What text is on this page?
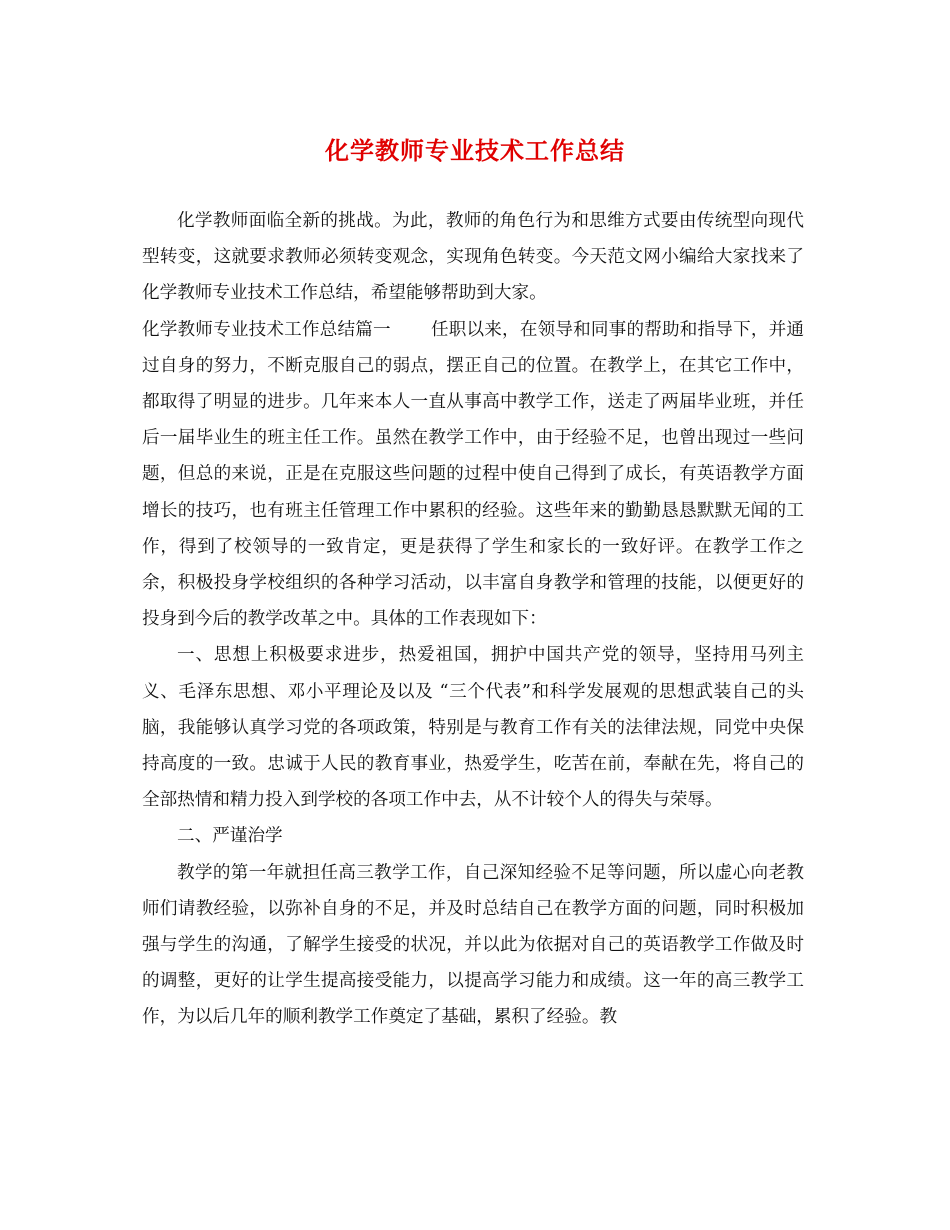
化学教师专业技术工作总结

化学教师面临全新的挑战。为此，教师的角色行为和思维方式要由传统型向现代型转变，这就要求教师必须转变观念，实现角色转变。今天范文网小编给大家找来了化学教师专业技术工作总结，希望能够帮助到大家。

化学教师专业技术工作总结篇一 任职以来，在领导和同事的帮助和指导下，并通过自身的努力，不断克服自己的弱点，摆正自己的位置。在教学上，在其它工作中，都取得了明显的进步。几年来本人一直从事高中教学工作，送走了两届毕业班，并任后一届毕业生的班主任工作。虽然在教学工作中，由于经验不足，也曾出现过一些问题，但总的来说，正是在克服这些问题的过程中使自己得到了成长，有英语教学方面增长的技巧，也有班主任管理工作中累积的经验。这些年来的勤勤恳恳默默无闻的工作，得到了校领导的一致肯定，更是获得了学生和家长的一致好评。在教学工作之余，积极投身学校组织的各种学习活动，以丰富自身教学和管理的技能，以便更好的投身到今后的教学改革之中。具体的工作表现如下：

一、思想上积极要求进步，热爱祖国，拥护中国共产党的领导，坚持用马列主义、毛泽东思想、邓小平理论及以及 “三个代表”和科学发展观的思想武装自己的头脑，我能够认真学习党的各项政策，特别是与教育工作有关的法律法规，同党中央保持高度的一致。忠诚于人民的教育事业，热爱学生，吃苦在前，奉献在先，将自己的全部热情和精力投入到学校的各项工作中去，从不计较个人的得失与荣辱。

二、严谨治学

教学的第一年就担任高三教学工作，自己深知经验不足等问题，所以虚心向老教师们请教经验，以弥补自身的不足，并及时总结自己在教学方面的问题，同时积极加强与学生的沟通，了解学生接受的状况，并以此为依据对自己的英语教学工作做及时的调整，更好的让学生提高接受能力，以提高学习能力和成绩。这一年的高三教学工作，为以后几年的顺利教学工作奠定了基础，累积了经验。教
